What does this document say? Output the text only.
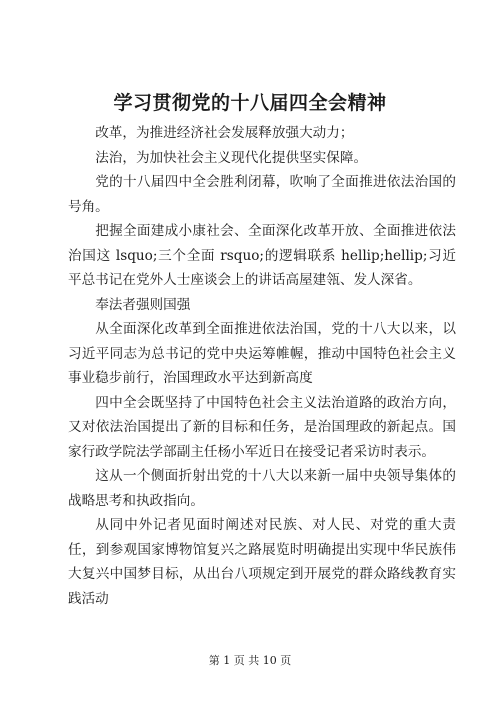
学习贯彻党的十八届四全会精神

改革，为推进经济社会发展释放强大动力；

法治，为加快社会主义现代化提供坚实保障。

党的十八届四中全会胜利闭幕，吹响了全面推进依法治国的号角。

把握全面建成小康社会、全面深化改革开放、全面推进依法治国这 lsquo;三个全面 rsquo;的逻辑联系 hellip;hellip;习近平总书记在党外人士座谈会上的讲话高屋建瓴、发人深省。

奉法者强则国强

从全面深化改革到全面推进依法治国，党的十八大以来，以习近平同志为总书记的党中央运筹帷幄，推动中国特色社会主义事业稳步前行，治国理政水平达到新高度

四中全会既坚持了中国特色社会主义法治道路的政治方向，又对依法治国提出了新的目标和任务，是治国理政的新起点。国家行政学院法学部副主任杨小军近日在接受记者采访时表示。

这从一个侧面折射出党的十八大以来新一届中央领导集体的战略思考和执政指向。

从同中外记者见面时阐述对民族、对人民、对党的重大责任，到参观国家博物馆复兴之路展览时明确提出实现中华民族伟大复兴中国梦目标，从出台八项规定到开展党的群众路线教育实践活动

第 1 页 共 10 页
